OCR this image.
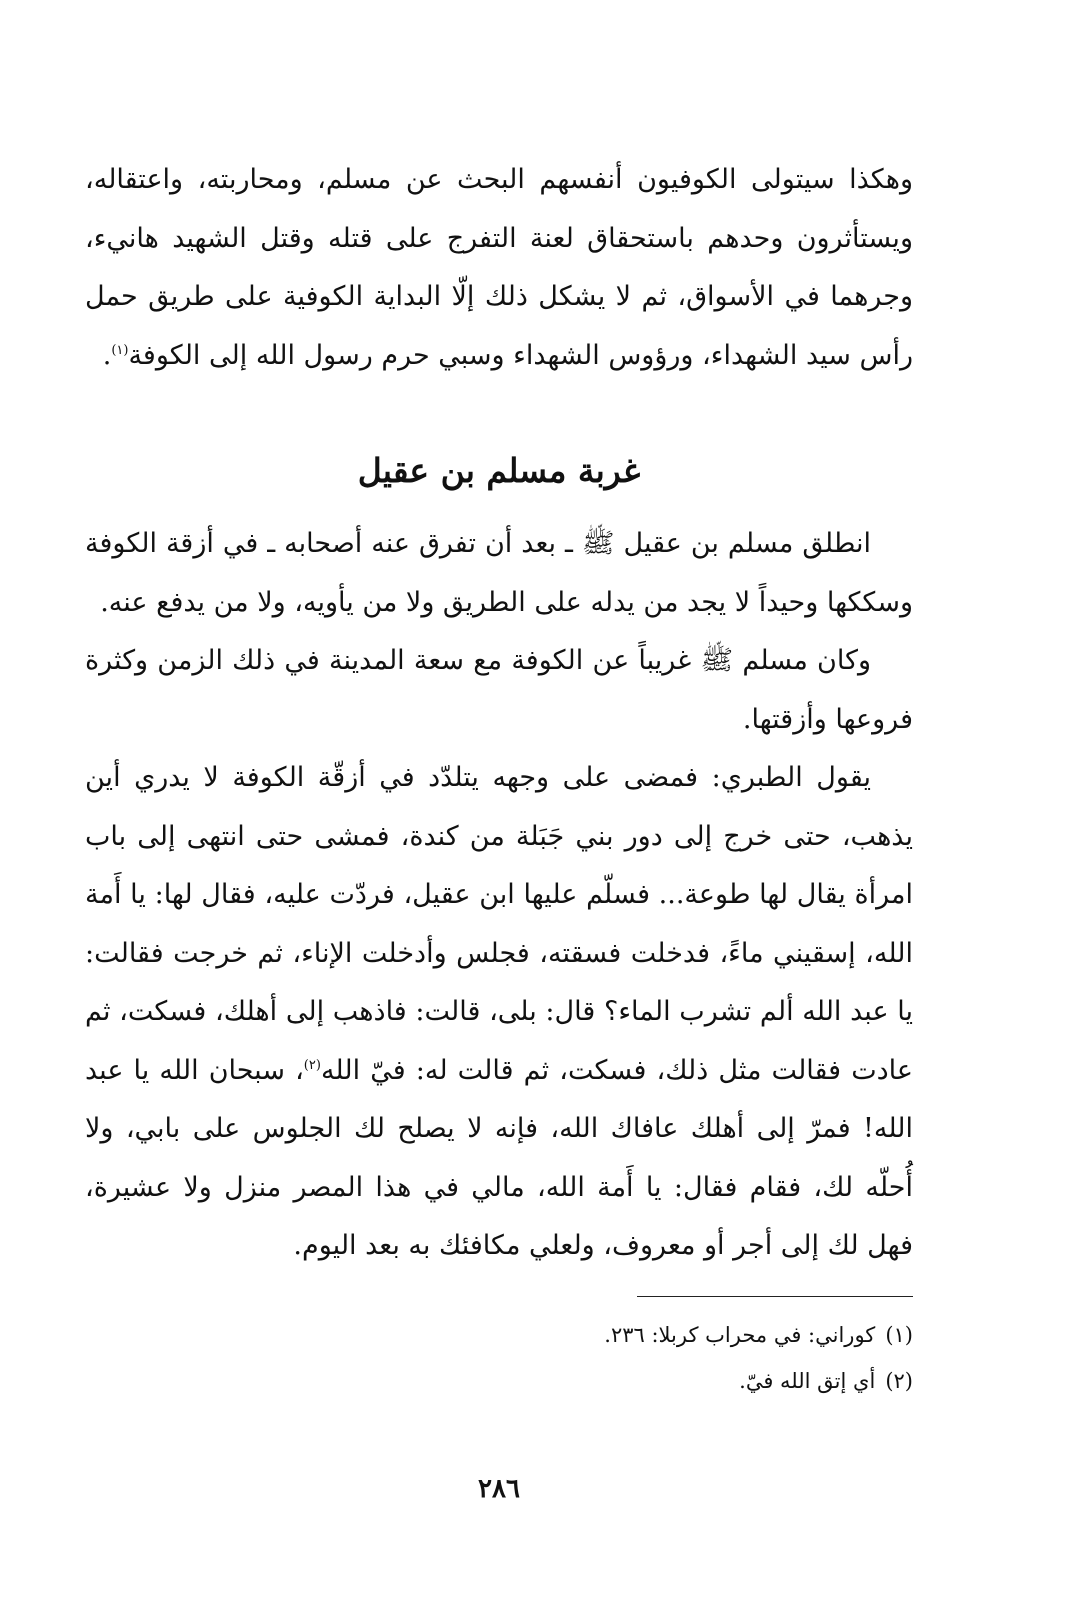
وهكذا سيتولى الكوفيون أنفسهم البحث عن مسلم، ومحاربته، واعتقاله، ويستأثرون وحدهم باستحقاق لعنة التفرج على قتله وقتل الشهيد هانيء، وجرهما في الأسواق، ثم لا يشكل ذلك إلّا البداية الكوفية على طريق حمل رأس سيد الشهداء، ورؤوس الشهداء وسبي حرم رسول الله إلى الكوفة$^{(١)}$.

غربة مسلم بن عقيل

انطلق مسلم بن عقيل ﷺ ـ بعد أن تفرق عنه أصحابه ـ في أزقة الكوفة وسككها وحيداً لا يجد من يدله على الطريق ولا من يأويه، ولا من يدفع عنه.

وكان مسلم ﷺ غريباً عن الكوفة مع سعة المدينة في ذلك الزمن وكثرة فروعها وأزقتها.

يقول الطبري: فمضى على وجهه يتلدّد في أزقّة الكوفة لا يدري أين يذهب، حتى خرج إلى دور بني جَبَلة من كندة، فمشى حتى انتهى إلى باب امرأة يقال لها طوعة... فسلّم عليها ابن عقيل، فردّت عليه، فقال لها: يا أَمة الله، إسقيني ماءً، فدخلت فسقته، فجلس وأدخلت الإناء، ثم خرجت فقالت: يا عبد الله ألم تشرب الماء؟ قال: بلى، قالت: فاذهب إلى أهلك، فسكت، ثم عادت فقالت مثل ذلك، فسكت، ثم قالت له: فيّ الله$^{(٢)}$، سبحان الله يا عبد الله! فمرّ إلى أهلك عافاك الله، فإنه لا يصلح لك الجلوس على بابي، ولا أُحلّه لك، فقام فقال: يا أَمة الله، مالي في هذا المصر منزل ولا عشيرة، فهل لك إلى أجر أو معروف، ولعلي مكافئك به بعد اليوم.

(١)كوراني: في محراب كربلا: ٢٣٦.

(٢)أي إتق الله فيّ.

٢٨٦
